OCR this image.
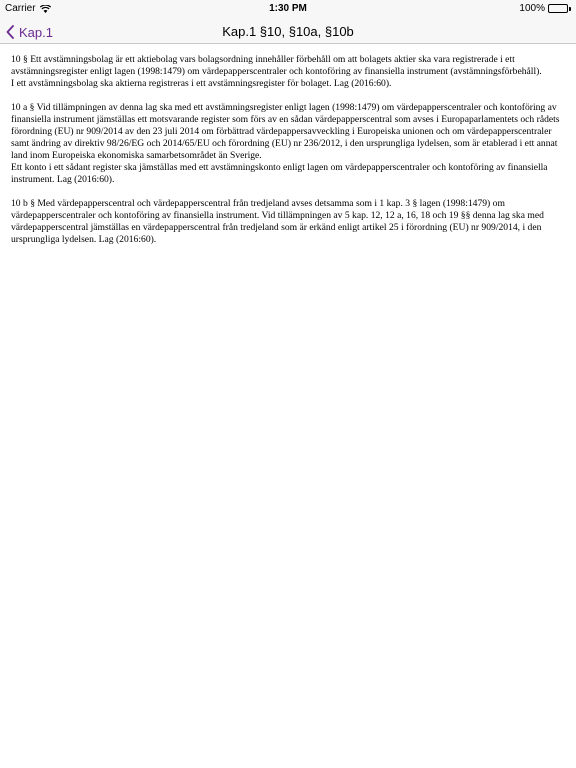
Carrier	1:30 PM	100%
Kap.1	Kap.1 §10, §10a, §10b

10 § Ett avstämningsbolag är ett aktiebolag vars bolagsordning innehåller förbehåll om att bolagets aktier ska vara registrerade i ett avstämningsregister enligt lagen (1998:1479) om värdepapperscentraler och kontoföring av finansiella instrument (avstämningsförbehåll).
I ett avstämningsbolag ska aktierna registreras i ett avstämningsregister för bolaget. Lag (2016:60).

10 a § Vid tillämpningen av denna lag ska med ett avstämningsregister enligt lagen (1998:1479) om värdepapperscentraler och kontoföring av finansiella instrument jämställas ett motsvarande register som förs av en sådan värdepapperscentral som avses i Europaparlamentets och rådets förordning (EU) nr 909/2014 av den 23 juli 2014 om förbättrad värdepappersavveckling i Europeiska unionen och om värdepapperscentraler samt ändring av direktiv 98/26/EG och 2014/65/EU och förordning (EU) nr 236/2012, i den ursprungliga lydelsen, som är etablerad i ett annat land inom Europeiska ekonomiska samarbetsområdet än Sverige.
Ett konto i ett sådant register ska jämställas med ett avstämningskonto enligt lagen om värdepapperscentraler och kontoföring av finansiella instrument. Lag (2016:60).

10 b § Med värdepapperscentral och värdepapperscentral från tredjeland avses detsamma som i 1 kap. 3 § lagen (1998:1479) om värdepapperscentraler och kontoföring av finansiella instrument. Vid tillämpningen av 5 kap. 12, 12 a, 16, 18 och 19 §§ denna lag ska med värdepapperscentral jämställas en värdepapperscentral från tredjeland som är erkänd enligt artikel 25 i förordning (EU) nr 909/2014, i den ursprungliga lydelsen. Lag (2016:60).
